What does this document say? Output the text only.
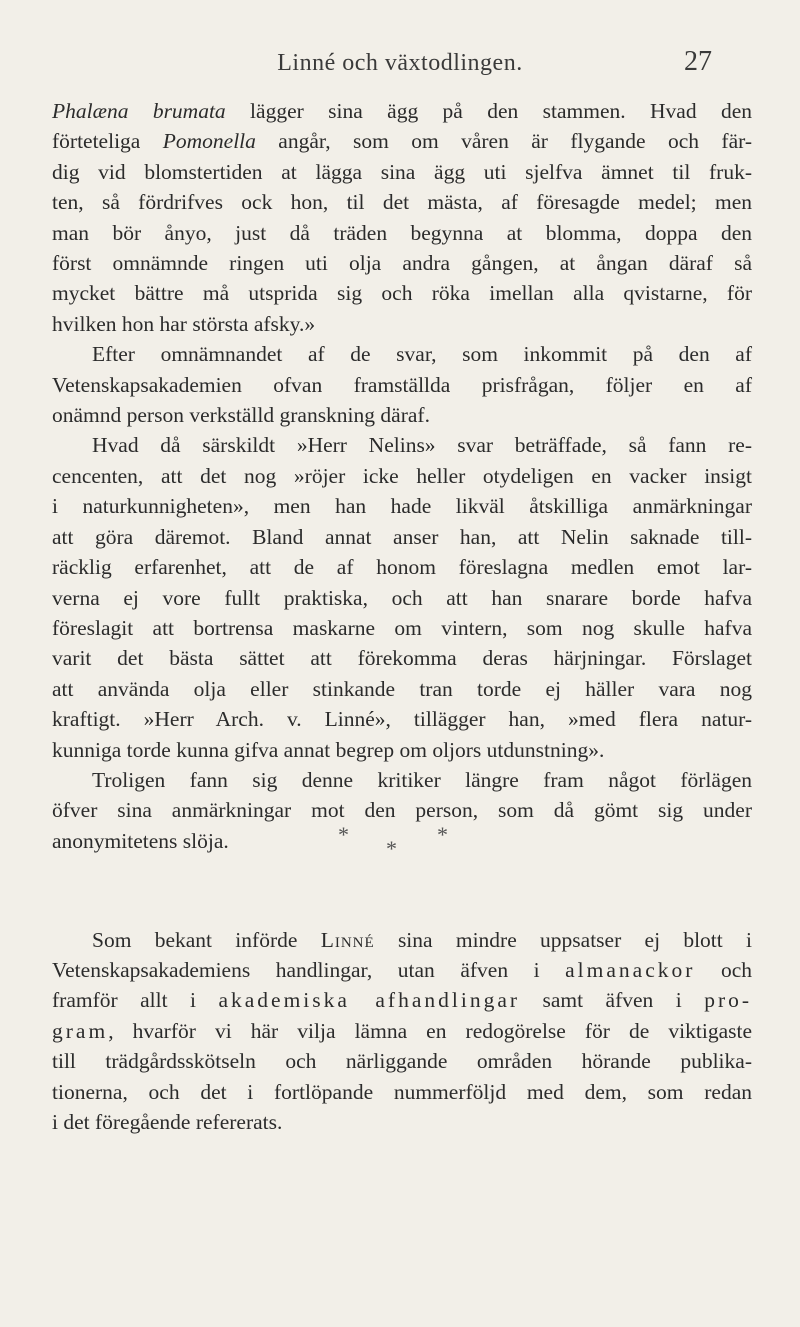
Linné och växtodlingen.	27

Phalæna brumata lägger sina ägg på den stammen. Hvad den
förteteliga Pomonella angår, som om våren är flygande och fär-
dig vid blomstertiden at lägga sina ägg uti sjelfva ämnet til fruk-
ten, så fördrifves ock hon, til det mästa, af föresagde medel; men
man bör ånyo, just då träden begynna at blomma, doppa den
först omnämnde ringen uti olja andra gången, at ångan däraf så
mycket bättre må utsprida sig och röka imellan alla qvistarne, för
hvilken hon har största afsky.»

Efter omnämnandet af de svar, som inkommit på den af
Vetenskapsakademien ofvan framställda prisfrågan, följer en af
onämnd person verkställd granskning däraf.

Hvad då särskildt »Herr Nelins» svar beträffade, så fann re-
cencenten, att det nog »röjer icke heller otydeligen en vacker insigt
i naturkunnigheten», men han hade likväl åtskilliga anmärkningar
att göra däremot. Bland annat anser han, att Nelin saknade till-
räcklig erfarenhet, att de af honom föreslagna medlen emot lar-
verna ej vore fullt praktiska, och att han snarare borde hafva
föreslagit att bortrensa maskarne om vintern, som nog skulle hafva
varit det bästa sättet att förekomma deras härjningar. Förslaget
att använda olja eller stinkande tran torde ej häller vara nog
kraftigt. »Herr Arch. v. Linné», tillägger han, »med flera natur-
kunniga torde kunna gifva annat begrep om oljors utdunstning».

Troligen fann sig denne kritiker längre fram något förlägen
öfver sina anmärkningar mot den person, som då gömt sig under
anonymitetens slöja.	*	*
*

Som bekant införde Linné sina mindre uppsatser ej blott i
Vetenskapsakademiens handlingar, utan äfven i almanackor och
framför allt i akademiska afhandlingar samt äfven i pro-
gram, hvarför vi här vilja lämna en redogörelse för de viktigaste
till trädgårdsskötseln och närliggande områden hörande publika-
tionerna, och det i fortlöpande nummerföljd med dem, som redan
i det föregående refererats.
